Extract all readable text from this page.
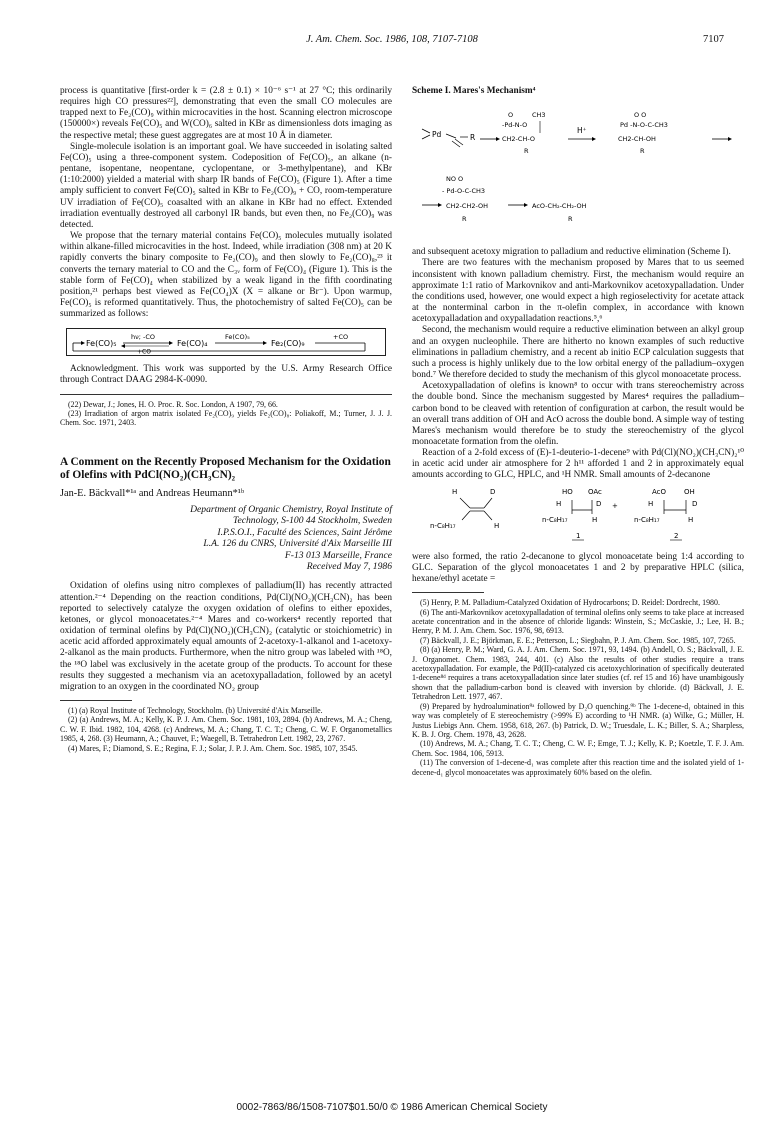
J. Am. Chem. Soc. 1986, 108, 7107-7108	7107

process is quantitative [first-order k = (2.8 ± 0.1) × 10⁻⁶ s⁻¹ at 27 °C; this ordinarily requires high CO pressures²²], demonstrating that even the small CO molecules are trapped next to Fe₂(CO)₉ within microcavities in the host. Scanning electron microscope (150000×) reveals Fe(CO)₅ and W(CO)₆ salted in KBr as dimensionless dots imaging as the respective metal; these guest aggregates are at most 10 Å in diameter.

Single-molecule isolation is an important goal. We have succeeded in isolating salted Fe(CO)₅ using a three-component system. Codeposition of Fe(CO)₅, an alkane (n-pentane, isopentane, neopentane, cyclopentane, or 3-methylpentane), and KBr (1:10:2000) yielded a material with sharp IR bands of Fe(CO)₅ (Figure 1). After a time amply sufficient to convert Fe(CO)₅ salted in KBr to Fe₂(CO)₉ + CO, room-temperature UV irradiation of Fe(CO)₅ coasalted with an alkane in KBr had no effect. Extended irradiation eventually destroyed all carbonyl IR bands, but even then, no Fe₂(CO)₉ was detected.

We propose that the ternary material contains Fe(CO)₅ molecules mutually isolated within alkane-filled microcavities in the host. Indeed, while irradiation (308 nm) at 20 K rapidly converts the binary composite to Fe₂(CO)₉ and then slowly to Fe₂(CO)₈,²³ it converts the ternary material to CO and the C₃ᵥ form of Fe(CO)₄ (Figure 1). This is the stable form of Fe(CO)₄ when stabilized by a weak ligand in the fifth coordinating position,²¹ perhaps best viewed as Fe(CO₄)X (X = alkane or Br⁻). Upon warmup, Fe(CO)₅ is reformed quantitatively. Thus, the photochemistry of salted Fe(CO)₅ can be summarized as follows:

Fe(CO)₅
hν; -CO
+CO
Fe(CO)₄
Fe(CO)₅
Fe₂(CO)₉
+CO

Acknowledgment. This work was supported by the U.S. Army Research Office through Contract DAAG 2984-K-0090.

(22) Dewar, J.; Jones, H. O. Proc. R. Soc. London, A 1907, 79, 66.

(23) Irradiation of argon matrix isolated Fe₂(CO)₉ yields Fe₂(CO)₈: Poliakoff, M.; Turner, J. J. J. Chem. Soc. 1971, 2403.

A Comment on the Recently Proposed Mechanism for the Oxidation of Olefins with PdCl(NO₂)(CH₃CN)₂
Jan-E. Bäckvall*¹ᵃ and Andreas Heumann*¹ᵇ
Department of Organic Chemistry, Royal Institute of
Technology, S-100 44 Stockholm, Sweden
I.P.S.O.I., Faculté des Sciences, Saint Jérôme
L.A. 126 du CNRS, Université d'Aix Marseille III
F-13 013 Marseille, France
Received May 7, 1986

Oxidation of olefins using nitro complexes of palladium(II) has recently attracted attention.²⁻⁴ Depending on the reaction conditions, Pd(Cl)(NO₂)(CH₃CN)₂ has been reported to selectively catalyze the oxygen oxidation of olefins to either epoxides, ketones, or glycol monoacetates.²⁻⁴ Mares and co-workers⁴ recently reported that oxidation of terminal olefins by Pd(Cl)(NO₂)(CH₃CN)₂ (catalytic or stoichiometric) in acetic acid afforded approximately equal amounts of 2-acetoxy-1-alkanol and 1-acetoxy-2-alkanol as the main products. Furthermore, when the nitro group was labeled with ¹⁸O, the ¹⁸O label was exclusively in the acetate group of the products. To account for these results they suggested a mechanism via an acetoxypalladation, followed by an acetyl migration to an oxygen in the coordinated NO₂ group

(1) (a) Royal Institute of Technology, Stockholm. (b) Université d'Aix Marseille.

(2) (a) Andrews, M. A.; Kelly, K. P. J. Am. Chem. Soc. 1981, 103, 2894. (b) Andrews, M. A.; Cheng, C. W. F. Ibid. 1982, 104, 4268. (c) Andrews, M. A.; Chang, T. C. T.; Cheng, C. W. F. Organometallics 1985, 4, 268. (3) Heumann, A.; Chauvet, F.; Waegell, B. Tetrahedron Lett. 1982, 23, 2767.

(4) Mares, F.; Diamond, S. E.; Regina, F. J.; Solar, J. P. J. Am. Chem. Soc. 1985, 107, 3545.

Scheme I. Mares's Mechanism⁴
Pd	R
O
-Pd-N-O
CH3
CH2-CH-O
R
H⁺
O O
Pd -N-O-C-CH3
CH2-CH-OH
R
NO O
- Pd-O-C-CH3
CH2-CH2-OH
R
AcO-CH₂-CH₂-OH
R

and subsequent acetoxy migration to palladium and reductive elimination (Scheme I).

There are two features with the mechanism proposed by Mares that to us seemed inconsistent with known palladium chemistry. First, the mechanism would require an approximate 1:1 ratio of Markovnikov and anti-Markovnikov acetoxypalladation. Under the conditions used, however, one would expect a high regioselectivity for acetate attack at the nonterminal carbon in the π-olefin complex, in accordance with known acetoxypalladation and oxypalladation reactions.⁵,⁶

Second, the mechanism would require a reductive elimination between an alkyl group and an oxygen nucleophile. There are hitherto no known examples of such reductive eliminations in palladium chemistry, and a recent ab initio ECP calculation suggests that such a process is highly unlikely due to the low orbital energy of the palladium–oxygen bond.⁷ We therefore decided to study the mechanism of this glycol monoacetate process.

Acetoxypalladation of olefins is known⁸ to occur with trans stereochemistry across the double bond. Since the mechanism suggested by Mares⁴ requires the palladium–carbon bond to be cleaved with retention of configuration at carbon, the result would be an overall trans addition of OH and AcO across the double bond. A simple way of testing Mares's mechanism would therefore be to study the stereochemistry of the glycol monoacetate formation from the olefin.

Reaction of a 2-fold excess of (E)-1-deuterio-1-decene⁹ with Pd(Cl)(NO₂)(CH₃CN)₂¹⁰ in acetic acid under air atmosphere for 2 h¹¹ afforded 1 and 2 in approximately equal amounts according to GLC, HPLC, and ¹H NMR. Small amounts of 2-decanone

H	D
n-C₈H₁₇	H
HO OAc
H	D
n-C₈H₁₇	H
1
+
AcO	OH
H	D
n-C₈H₁₇	H
2

were also formed, the ratio 2-decanone to glycol monoacetate being 1:4 according to GLC. Separation of the glycol monoacetates 1 and 2 by preparative HPLC (silica, hexane/ethyl acetate =

(5) Henry, P. M. Palladium-Catalyzed Oxidation of Hydrocarbons; D. Reidel: Dordrecht, 1980.

(6) The anti-Markovnikov acetoxypalladation of terminal olefins only seems to take place at increased acetate concentration and in the absence of chloride ligands: Winstein, S.; McCaskie, J.; Lee, H. B.; Henry, P. M. J. Am. Chem. Soc. 1976, 98, 6913.

(7) Bäckvall, J. E.; Björkman, E. E.; Petterson, L.; Siegbahn, P. J. Am. Chem. Soc. 1985, 107, 7265.

(8) (a) Henry, P. M.; Ward, G. A. J. Am. Chem. Soc. 1971, 93, 1494. (b) Andell, O. S.; Bäckvall, J. E. J. Organomet. Chem. 1983, 244, 401. (c) Also the results of other studies require a trans acetoxypalladation. For example, the Pd(II)-catalyzed cis acetoxychlorination of specifically deuterated 1-decene⁸ᵈ requires a trans acetoxypalladation since later studies (cf. ref 15 and 16) have unambigously shown that the palladium-carbon bond is cleaved with inversion by chloride. (d) Bäckvall, J. E. Tetrahedron Lett. 1977, 467.

(9) Prepared by hydroalumination⁹ᵃ followed by D₂O quenching.⁹ᵇ The 1-decene-d₁ obtained in this way was completely of E stereochemistry (>99% E) according to ¹H NMR. (a) Wilke, G.; Müller, H. Justus Liebigs Ann. Chem. 1958, 618, 267. (b) Patrick, D. W.; Truesdale, L. K.; Biller, S. A.; Sharpless, K. B. J. Org. Chem. 1978, 43, 2628.

(10) Andrews, M. A.; Chang, T. C. T.; Cheng, C. W. F.; Emge, T. J.; Kelly, K. P.; Koetzle, T. F. J. Am. Chem. Soc. 1984, 106, 5913.

(11) The conversion of 1-decene-d₁ was complete after this reaction time and the isolated yield of 1-decene-d₁ glycol monoacetates was approximately 60% based on the olefin.

0002-7863/86/1508-7107$01.50/0 © 1986 American Chemical Society
